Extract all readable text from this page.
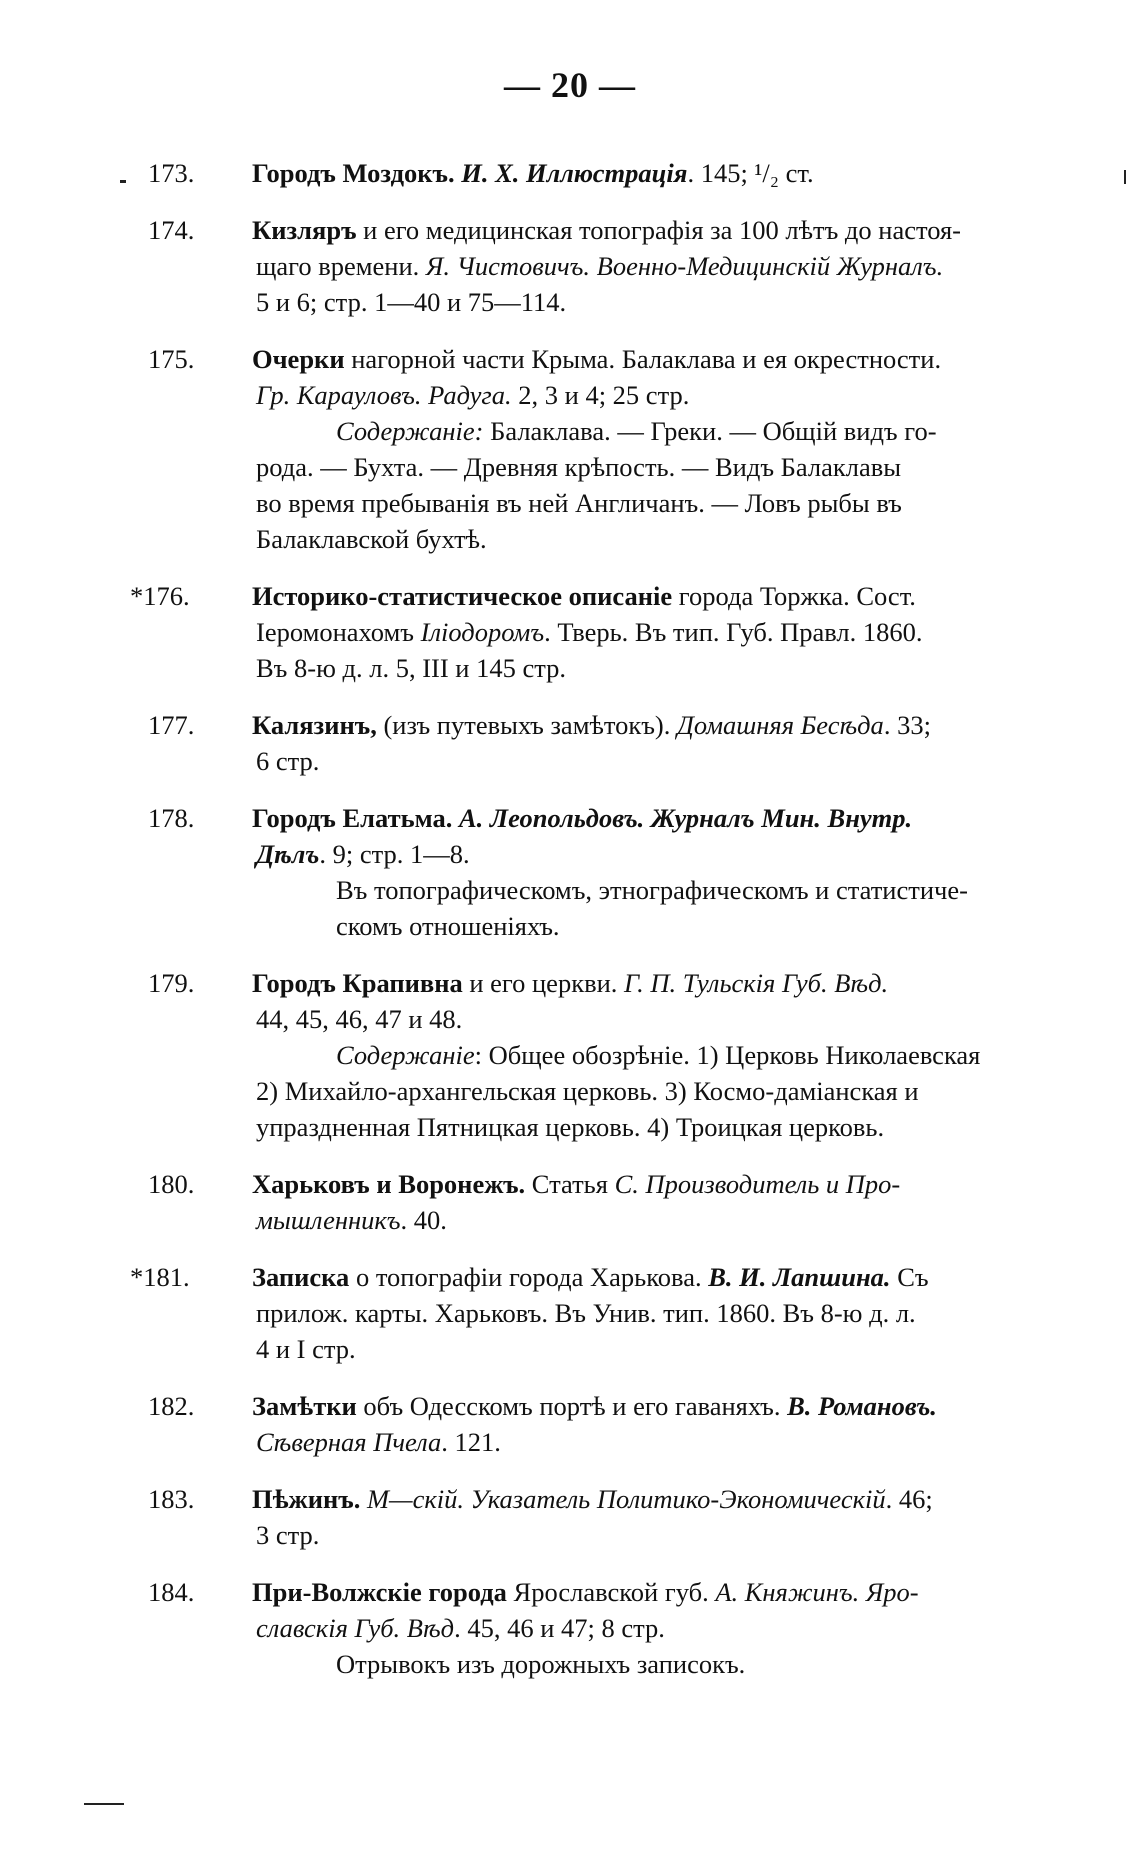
— 20 —
173.	Городъ Моздокъ. И. Х. Иллюстрація. 145; ¹/₂ ст.
174.	Кизляръ и его медицинская топографія за 100 лѣтъ до настоя-
щаго времени. Я. Чистовичъ. Военно-Медицинскій Журналъ.
5 и 6; стр. 1—40 и 75—114.
175.	Очерки нагорной части Крыма. Балаклава и ея окрестности.
Гр. Карауловъ. Радуга. 2, 3 и 4; 25 стр.
Содержаніе: Балаклава. — Греки. — Общій видъ го-
рода. — Бухта. — Древняя крѣпость. — Видъ Балаклавы
во время пребыванія въ ней Англичанъ. — Ловъ рыбы въ
Балаклавской бухтѣ.
*176.	Историко-статистическое описаніе города Торжка. Сост.
Іеромонахомъ Іліодоромъ. Тверь. Въ тип. Губ. Правл. 1860.
Въ 8-ю д. л. 5, III и 145 стр.
177.	Калязинъ, (изъ путевыхъ замѣтокъ). Домашняя Бесѣда. 33;
6 стр.
178.	Городъ Елатьма. А. Леопольдовъ. Журналъ Мин. Внутр.
Дѣлъ. 9; стр. 1—8.
Въ топографическомъ, этнографическомъ и статистиче-
скомъ отношеніяхъ.
179.	Городъ Крапивна и его церкви. Г. П. Тульскія Губ. Вѣд.
44, 45, 46, 47 и 48.
Содержаніе: Общее обозрѣніе. 1) Церковь Николаевская
2) Михайло-архангельская церковь. 3) Космо-даміанская и
упраздненная Пятницкая церковь. 4) Троицкая церковь.
180.	Харьковъ и Воронежъ. Статья С. Производитель и Про-
мышленникъ. 40.
*181.	Записка о топографіи города Харькова. В. И. Лапшина. Съ
прилож. карты. Харьковъ. Въ Унив. тип. 1860. Въ 8-ю д. л.
4 и I стр.
182.	Замѣтки объ Одесскомъ портѣ и его гаваняхъ. В. Романовъ.
Сѣверная Пчела. 121.
183.	Пѣжинъ. М—скій. Указатель Политико-Экономическій. 46;
3 стр.
184.	При-Волжскіе города Ярославской губ. А. Княжинъ. Яро-
славскія Губ. Вѣд. 45, 46 и 47; 8 стр.
Отрывокъ изъ дорожныхъ записокъ.
